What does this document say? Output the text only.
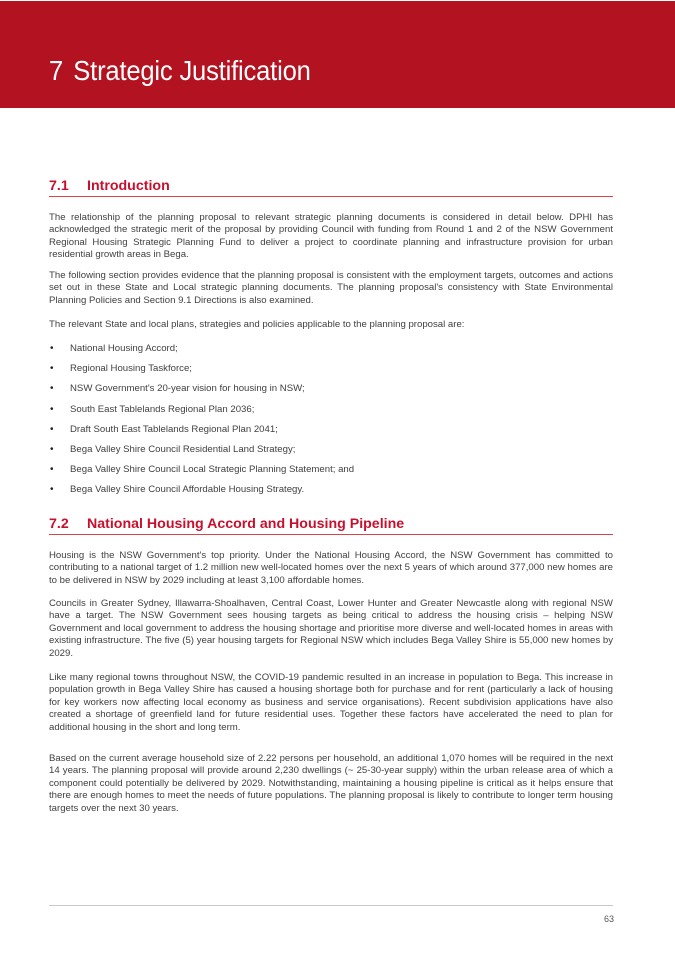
7 Strategic Justification
7.1 Introduction
The relationship of the planning proposal to relevant strategic planning documents is considered in detail below. DPHI has acknowledged the strategic merit of the proposal by providing Council with funding from Round 1 and 2 of the NSW Government Regional Housing Strategic Planning Fund to deliver a project to coordinate planning and infrastructure provision for urban residential growth areas in Bega.
The following section provides evidence that the planning proposal is consistent with the employment targets, outcomes and actions set out in these State and Local strategic planning documents. The planning proposal's consistency with State Environmental Planning Policies and Section 9.1 Directions is also examined.
The relevant State and local plans, strategies and policies applicable to the planning proposal are:
• National Housing Accord;
• Regional Housing Taskforce;
• NSW Government's 20-year vision for housing in NSW;
• South East Tablelands Regional Plan 2036;
• Draft South East Tablelands Regional Plan 2041;
• Bega Valley Shire Council Residential Land Strategy;
• Bega Valley Shire Council Local Strategic Planning Statement; and
• Bega Valley Shire Council Affordable Housing Strategy.
7.2 National Housing Accord and Housing Pipeline
Housing is the NSW Government's top priority. Under the National Housing Accord, the NSW Government has committed to contributing to a national target of 1.2 million new well-located homes over the next 5 years of which around 377,000 new homes are to be delivered in NSW by 2029 including at least 3,100 affordable homes.
Councils in Greater Sydney, Illawarra-Shoalhaven, Central Coast, Lower Hunter and Greater Newcastle along with regional NSW have a target. The NSW Government sees housing targets as being critical to address the housing crisis – helping NSW Government and local government to address the housing shortage and prioritise more diverse and well-located homes in areas with existing infrastructure. The five (5) year housing targets for Regional NSW which includes Bega Valley Shire is 55,000 new homes by 2029.
Like many regional towns throughout NSW, the COVID-19 pandemic resulted in an increase in population to Bega. This increase in population growth in Bega Valley Shire has caused a housing shortage both for purchase and for rent (particularly a lack of housing for key workers now affecting local economy as business and service organisations). Recent subdivision applications have also created a shortage of greenfield land for future residential uses. Together these factors have accelerated the need to plan for additional housing in the short and long term.
Based on the current average household size of 2.22 persons per household, an additional 1,070 homes will be required in the next 14 years. The planning proposal will provide around 2,230 dwellings (~ 25-30-year supply) within the urban release area of which a component could potentially be delivered by 2029. Notwithstanding, maintaining a housing pipeline is critical as it helps ensure that there are enough homes to meet the needs of future populations. The planning proposal is likely to contribute to longer term housing targets over the next 30 years.
63
